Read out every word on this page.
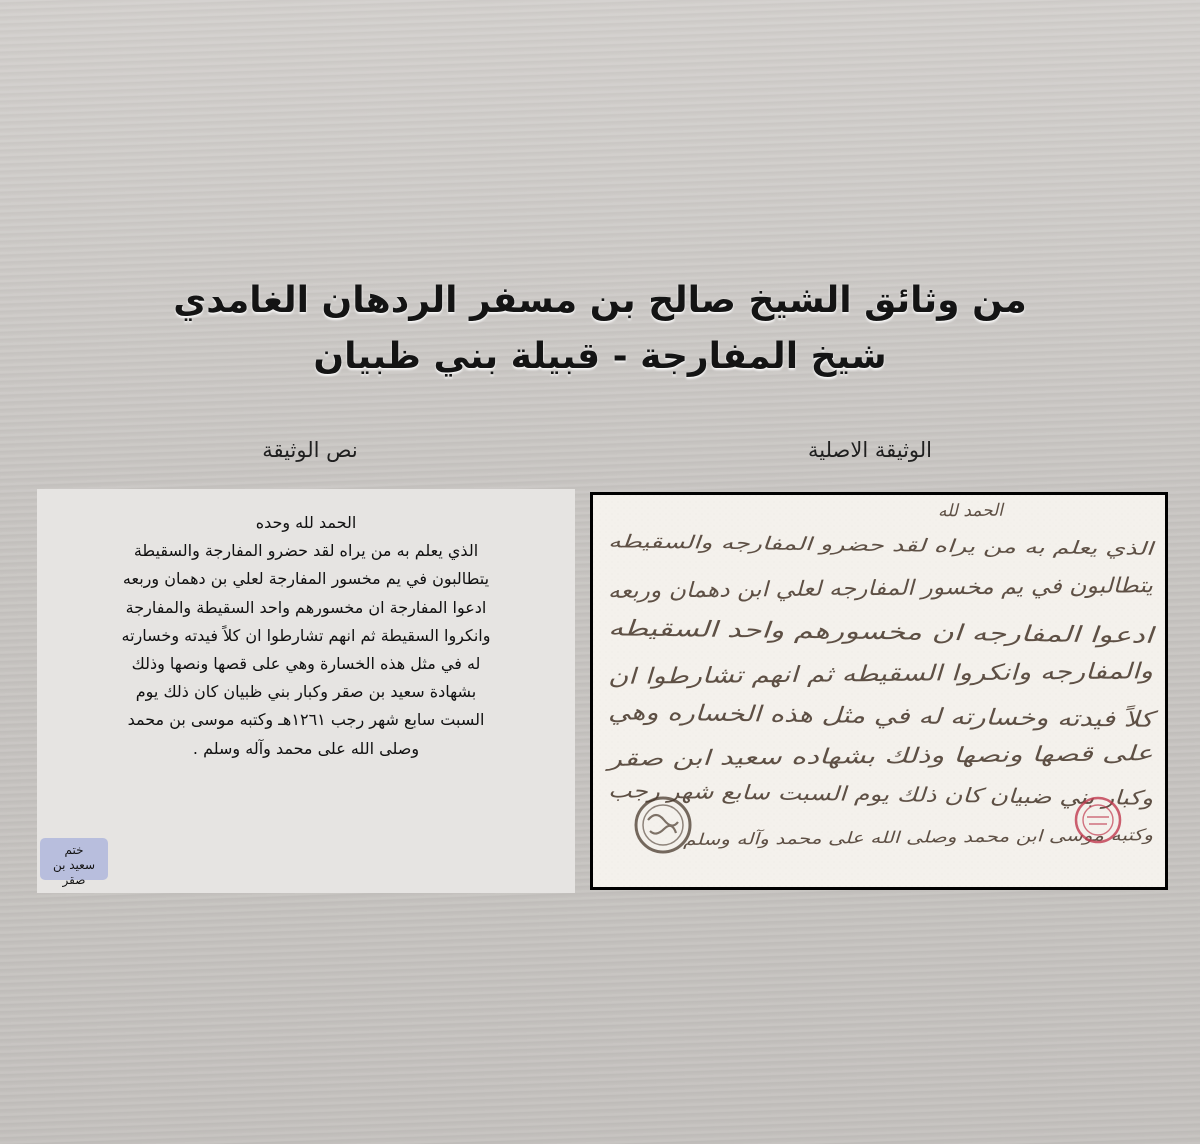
من وثائق الشيخ صالح بن مسفر الردهان الغامدي
شيخ المفارجة - قبيلة بني ظبيان
نص الوثيقة	الوثيقة الاصلية
الحمد لله وحده
الذي يعلم به من يراه لقد حضرو المفارجة والسقيطة
يتطالبون في يم مخسور المفارجة لعلي بن دهمان وربعه
ادعوا المفارجة ان مخسورهم واحد السقيطة والمفارجة
وانكروا السقيطة ثم انهم تشارطوا ان كلاً فيدته وخسارته
له في مثل هذه الخسارة وهي على قصها ونصها وذلك
بشهادة سعيد بن صقر وكبار بني ظبيان كان ذلك يوم
السبت سابع شهر رجب ١٢٦١هـ وكتبه موسى بن محمد
وصلى الله على محمد وآله وسلم .
ختم
سعيد بن صقر
الحمد لله
الذي يعلم به من يراه لقد حضرو المفارجه والسقيطه
يتطالبون في يم مخسور المفارجه لعلي ابن دهمان وربعه
ادعوا المفارجه ان مخسورهم واحد السقيطه
والمفارجه وانكروا السقيطه ثم انهم تشارطوا ان
كلاً فيدته وخسارته له في مثل هذه الخساره وهي
على قصها ونصها وذلك بشهاده سعيد ابن صقر
وكبار بني ضبيان كان ذلك يوم السبت سابع شهر رجب
وكتبه موسى ابن محمد وصلى الله على محمد وآله وسلم
